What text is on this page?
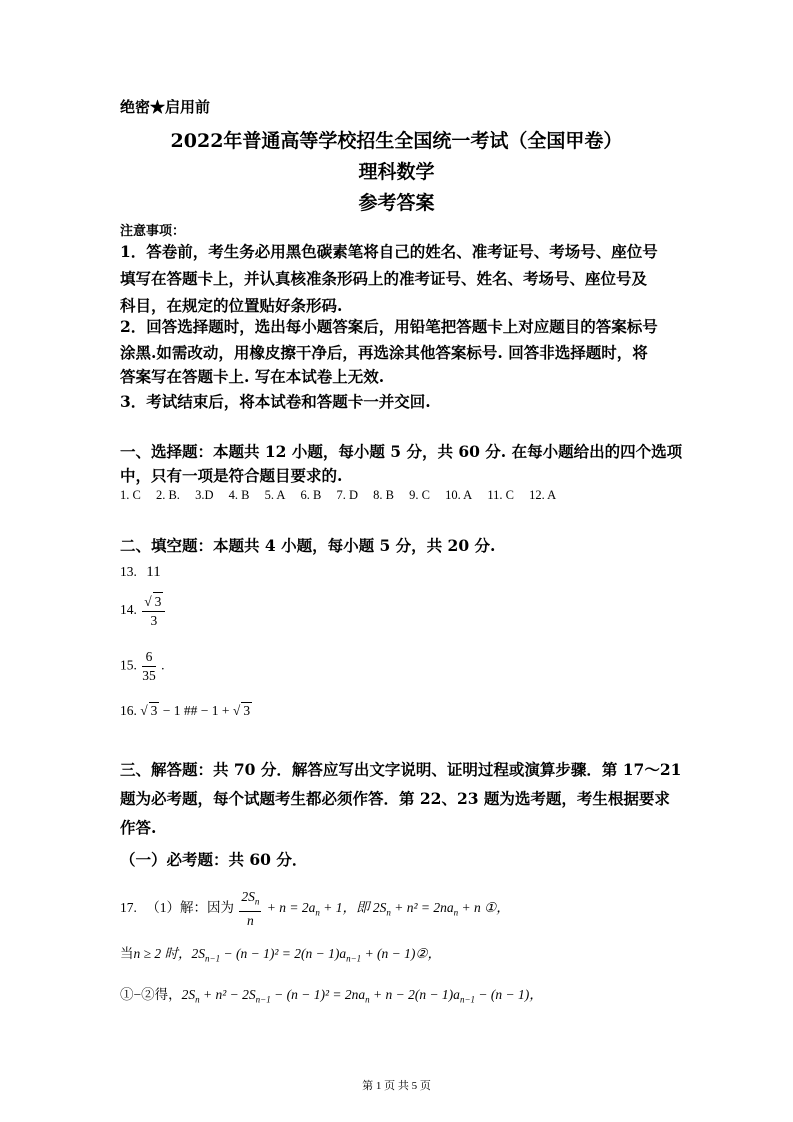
绝密★启用前
2022年普通高等学校招生全国统一考试（全国甲卷）
理科数学
参考答案
注意事项：
1．答卷前，考生务必用黑色碳素笔将自己的姓名、准考证号、考场号、座位号
填写在答题卡上，并认真核准条形码上的准考证号、姓名、考场号、座位号及
科目，在规定的位置贴好条形码.
2．回答选择题时，选出每小题答案后，用铅笔把答题卡上对应题目的答案标号
涂黑.如需改动，用橡皮擦干净后，再选涂其他答案标号. 回答非选择题时，将
答案写在答题卡上. 写在本试卷上无效.
3．考试结束后，将本试卷和答题卡一并交回.
一、选择题：本题共 12 小题，每小题 5 分，共 60 分. 在每小题给出的四个选项
中，只有一项是符合题目要求的.
1. C 2. B. 3.D 4. B 5. A 6. B 7. D 8. B 9. C 10. A 11. C 12. A
二、填空题：本题共 4 小题，每小题 5 分，共 20 分.
13. 11
14. $\frac{√ 3}{3}$
15. $\frac{6}{35}$ .
16. √ 3 − 1 ## − 1 + √ 3
三、解答题：共 70 分．解答应写出文字说明、证明过程或演算步骤．第 17～21
题为必考题，每个试题考生都必须作答．第 22、23 题为选考题，考生根据要求
作答.
（一）必考题：共 60 分．
17. （1）解：因为 $\frac{2S_n}{n} + n = 2a_n + 1$，即 $2S_n + n^2 = 2na_n + n$ ①，
当n ≥ 2 时，$2S_{n-1} - (n - 1)^2 = 2(n - 1)a_{n-1} + (n$ − 1)②，
①−②得，$2S_n + n^2 - 2S_{n-1} - (n - 1)^2 = 2na_n + n - 2(n - 1)a_{n-1} - (n - 1)$，
第 1 页 共 5 页
